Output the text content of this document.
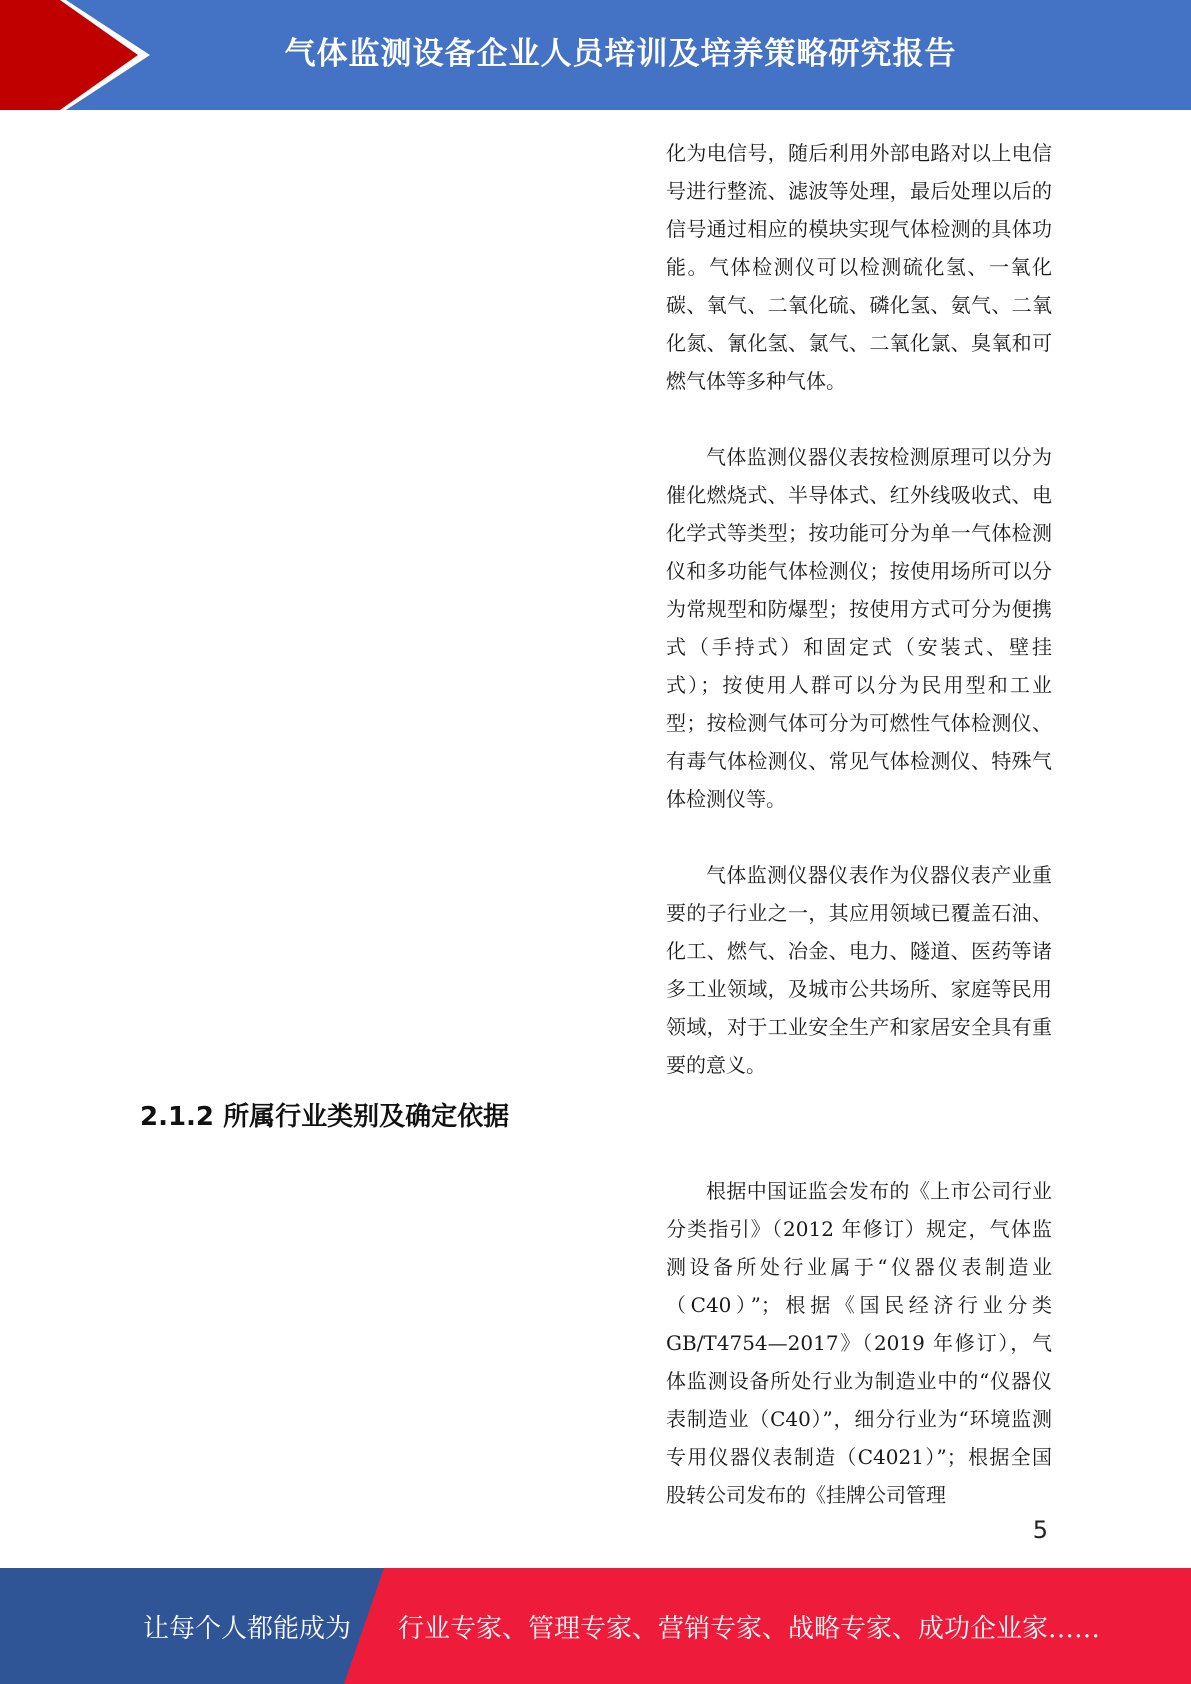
气体监测设备企业人员培训及培养策略研究报告

化为电信号，随后利用外部电路对以上电信号进行整流、滤波等处理，最后处理以后的信号通过相应的模块实现气体检测的具体功能。气体检测仪可以检测硫化氢、一氧化碳、氧气、二氧化硫、磷化氢、氨气、二氧化氮、氰化氢、氯气、二氧化氯、臭氧和可燃气体等多种气体。

气体监测仪器仪表按检测原理可以分为催化燃烧式、半导体式、红外线吸收式、电化学式等类型；按功能可分为单一气体检测仪和多功能气体检测仪；按使用场所可以分为常规型和防爆型；按使用方式可分为便携式（手持式）和固定式（安装式、壁挂式）；按使用人群可以分为民用型和工业型；按检测气体可分为可燃性气体检测仪、有毒气体检测仪、常见气体检测仪、特殊气体检测仪等。

气体监测仪器仪表作为仪器仪表产业重要的子行业之一，其应用领域已覆盖石油、化工、燃气、冶金、电力、隧道、医药等诸多工业领域，及城市公共场所、家庭等民用领域，对于工业安全生产和家居安全具有重要的意义。

2.1.2 所属行业类别及确定依据

根据中国证监会发布的《上市公司行业分类指引》（2012 年修订）规定，气体监测设备所处行业属于“仪器仪表制造业（C40）”；根据《国民经济行业分类 GB/T4754—2017》（2019 年修订），气体监测设备所处行业为制造业中的“仪器仪表制造业（C40）”，细分行业为“环境监测专用仪器仪表制造（C4021）”；根据全国股转公司发布的《挂牌公司管理

5
让每个人都能成为 行业专家、管理专家、营销专家、战略专家、成功企业家……
